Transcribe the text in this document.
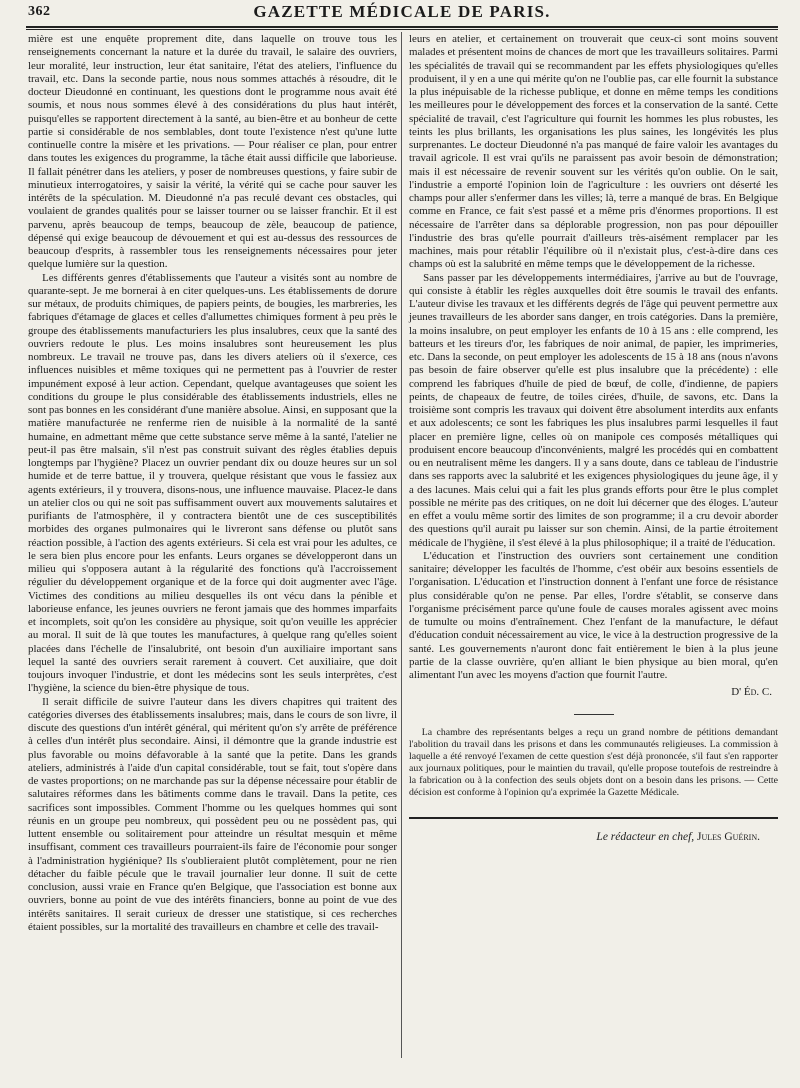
362	GAZETTE MÉDICALE DE PARIS.

mière est une enquête proprement dite, dans laquelle on trouve tous les renseignements concernant la nature et la durée du travail, le salaire des ouvriers, leur moralité, leur instruction, leur état sanitaire, l'état des ateliers, l'influence du travail, etc. Dans la seconde partie, nous nous sommes attachés à résoudre, dit le docteur Dieudonné en continuant, les questions dont le programme nous avait été soumis, et nous nous sommes élevé à des considérations du plus haut intérêt, puisqu'elles se rapportent directement à la santé, au bien-être et au bonheur de cette partie si considérable de nos semblables, dont toute l'existence n'est qu'une lutte continuelle contre la misère et les privations. — Pour réaliser ce plan, pour entrer dans toutes les exigences du programme, la tâche était aussi difficile que laborieuse. Il fallait pénétrer dans les ateliers, y poser de nombreuses questions, y faire subir de minutieux interrogatoires, y saisir la vérité, la vérité qui se cache pour sauver les intérêts de la spéculation. M. Dieudonné n'a pas reculé devant ces obstacles, qui voulaient de grandes qualités pour se laisser tourner ou se laisser franchir. Et il est parvenu, après beaucoup de temps, beaucoup de zèle, beaucoup de patience, dépensé qui exige beaucoup de dévouement et qui est au-dessus des ressources de beaucoup d'esprits, à rassembler tous les renseignements nécessaires pour jeter quelque lumière sur la question.

Les différents genres d'établissements que l'auteur a visités sont au nombre de quarante-sept. Je me bornerai à en citer quelques-uns. Les établissements de dorure sur métaux, de produits chimiques, de papiers peints, de bougies, les marbreries, les fabriques d'étamage de glaces et celles d'allumettes chimiques forment à peu près le groupe des établissements manufacturiers les plus insalubres, ceux que la santé des ouvriers redoute le plus. Les moins insalubres sont heureusement les plus nombreux. Le travail ne trouve pas, dans les divers ateliers où il s'exerce, ces influences nuisibles et même toxiques qui ne permettent pas à l'ouvrier de rester impunément exposé à leur action. Cependant, quelque avantageuses que soient les conditions du groupe le plus considérable des établissements industriels, elles ne sont pas bonnes en les considérant d'une manière absolue. Ainsi, en supposant que la matière manufacturée ne renferme rien de nuisible à la normalité de la santé humaine, en admettant même que cette substance serve même à la santé, l'atelier ne peut-il pas être malsain, s'il n'est pas construit suivant des règles établies depuis longtemps par l'hygiène? Placez un ouvrier pendant dix ou douze heures sur un sol humide et de terre battue, il y trouvera, quelque résistant que vous le fassiez aux agents extérieurs, il y trouvera, disons-nous, une influence mauvaise. Placez-le dans un atelier clos ou qui ne soit pas suffisamment ouvert aux mouvements salutaires et purifiants de l'atmosphère, il y contractera bientôt une de ces susceptibilités morbides des organes pulmonaires qui le livreront sans défense ou plutôt sans réaction possible, à l'action des agents extérieurs. Si cela est vrai pour les adultes, ce le sera bien plus encore pour les enfants. Leurs organes se développeront dans un milieu qui s'opposera autant à la régularité des fonctions qu'à l'accroissement régulier du développement organique et de la force qui doit augmenter avec l'âge. Victimes des conditions au milieu desquelles ils ont vécu dans la pénible et laborieuse enfance, les jeunes ouvriers ne feront jamais que des hommes imparfaits et incomplets, soit qu'on les considère au physique, soit qu'on veuille les apprécier au moral. Il suit de là que toutes les manufactures, à quelque rang qu'elles soient placées dans l'échelle de l'insalubrité, ont besoin d'un auxiliaire important sans lequel la santé des ouvriers serait rarement à couvert. Cet auxiliaire, que doit toujours invoquer l'industrie, et dont les médecins sont les seuls interprètes, c'est l'hygiène, la science du bien-être physique de tous.

Il serait difficile de suivre l'auteur dans les divers chapitres qui traitent des catégories diverses des établissements insalubres; mais, dans le cours de son livre, il discute des questions d'un intérêt général, qui méritent qu'on s'y arrête de préférence à celles d'un intérêt plus secondaire. Ainsi, il démontre que la grande industrie est plus favorable ou moins défavorable à la santé que la petite. Dans les grands ateliers, administrés à l'aide d'un capital considérable, tout se fait, tout s'opère dans de vastes proportions; on ne marchande pas sur la dépense nécessaire pour établir de salutaires réformes dans les bâtiments comme dans le travail. Dans la petite, ces sacrifices sont impossibles. Comment l'homme ou les quelques hommes qui sont réunis en un groupe peu nombreux, qui possèdent peu ou ne possèdent pas, qui luttent ensemble ou solitairement pour atteindre un résultat mesquin et même insuffisant, comment ces travailleurs pourraient-ils faire de l'économie pour songer à l'administration hygiénique? Ils s'oublieraient plutôt complètement, pour ne rien détacher du faible pécule que le travail journalier leur donne. Il suit de cette conclusion, aussi vraie en France qu'en Belgique, que l'association est bonne aux ouvriers, bonne au point de vue des intérêts financiers, bonne au point de vue des intérêts sanitaires. Il serait curieux de dresser une statistique, si ces recherches étaient possibles, sur la mortalité des travailleurs en chambre et celle des travail-

leurs en atelier, et certainement on trouverait que ceux-ci sont moins souvent malades et présentent moins de chances de mort que les travailleurs solitaires. Parmi les spécialités de travail qui se recommandent par les effets physiologiques qu'elles produisent, il y en a une qui mérite qu'on ne l'oublie pas, car elle fournit la substance la plus inépuisable de la richesse publique, et donne en même temps les conditions les meilleures pour le développement des forces et la conservation de la santé. Cette spécialité de travail, c'est l'agriculture qui fournit les hommes les plus robustes, les teints les plus brillants, les organisations les plus saines, les longévités les plus surprenantes. Le docteur Dieudonné n'a pas manqué de faire valoir les avantages du travail agricole. Il est vrai qu'ils ne paraissent pas avoir besoin de démonstration; mais il est nécessaire de revenir souvent sur les vérités qu'on oublie. On le sait, l'industrie a emporté l'opinion loin de l'agriculture : les ouvriers ont déserté les champs pour aller s'enfermer dans les villes; là, terre a manqué de bras. En Belgique comme en France, ce fait s'est passé et a même pris d'énormes proportions. Il est nécessaire de l'arrêter dans sa déplorable progression, non pas pour dépouiller l'industrie des bras qu'elle pourrait d'ailleurs très-aisément remplacer par les machines, mais pour rétablir l'équilibre où il n'existait plus, c'est-à-dire dans ces champs où est la salubrité en même temps que le développement de la richesse.

Sans passer par les développements intermédiaires, j'arrive au but de l'ouvrage, qui consiste à établir les règles auxquelles doit être soumis le travail des enfants. L'auteur divise les travaux et les différents degrés de l'âge qui peuvent permettre aux jeunes travailleurs de les aborder sans danger, en trois catégories. Dans la première, la moins insalubre, on peut employer les enfants de 10 à 15 ans : elle comprend, les batteurs et les tireurs d'or, les fabriques de noir animal, de papier, les imprimeries, etc. Dans la seconde, on peut employer les adolescents de 15 à 18 ans (nous n'avons pas besoin de faire observer qu'elle est plus insalubre que la précédente) : elle comprend les fabriques d'huile de pied de bœuf, de colle, d'indienne, de papiers peints, de chapeaux de feutre, de toiles cirées, d'huile, de savons, etc. Dans la troisième sont compris les travaux qui doivent être absolument interdits aux enfants et aux adolescents; ce sont les fabriques les plus insalubres parmi lesquelles il faut placer en première ligne, celles où on manipole ces composés métalliques qui produisent encore beaucoup d'inconvénients, malgré les procédés qui en combattent ou en neutralisent même les dangers. Il y a sans doute, dans ce tableau de l'industrie dans ses rapports avec la salubrité et les exigences physiologiques du jeune âge, il y a des lacunes. Mais celui qui a fait les plus grands efforts pour être le plus complet possible ne mérite pas des critiques, on ne doit lui décerner que des éloges. L'auteur en effet a voulu même sortir des limites de son programme; il a cru devoir aborder des questions qu'il aurait pu laisser sur son chemin. Ainsi, de la partie étroitement médicale de l'hygiène, il s'est élevé à la plus philosophique; il a traité de l'éducation.

L'éducation et l'instruction des ouvriers sont certainement une condition sanitaire; développer les facultés de l'homme, c'est obéir aux besoins essentiels de l'organisation. L'éducation et l'instruction donnent à l'enfant une force de résistance plus considérable qu'on ne pense. Par elles, l'ordre s'établit, se conserve dans l'organisme précisément parce qu'une foule de causes morales agissent avec moins de tumulte ou moins d'entraînement. Chez l'enfant de la manufacture, le défaut d'éducation conduit nécessairement au vice, le vice à la destruction progressive de la santé. Les gouvernements n'auront donc fait entièrement le bien à la plus jeune partie de la classe ouvrière, qu'en alliant le bien physique au bien moral, qu'en alimentant l'un avec les moyens d'action que fournit l'autre.

D' Éd. C.

La chambre des représentants belges a reçu un grand nombre de pétitions demandant l'abolition du travail dans les prisons et dans les communautés religieuses. La commission à laquelle a été renvoyé l'examen de cette question s'est déjà prononcée, s'il faut s'en rapporter aux journaux politiques, pour le maintien du travail, qu'elle propose toutefois de restreindre à la fabrication ou à la confection des seuls objets dont on a besoin dans les prisons. — Cette décision est conforme à l'opinion qu'a exprimée la Gazette Médicale.

Le rédacteur en chef, Jules Guérin.
